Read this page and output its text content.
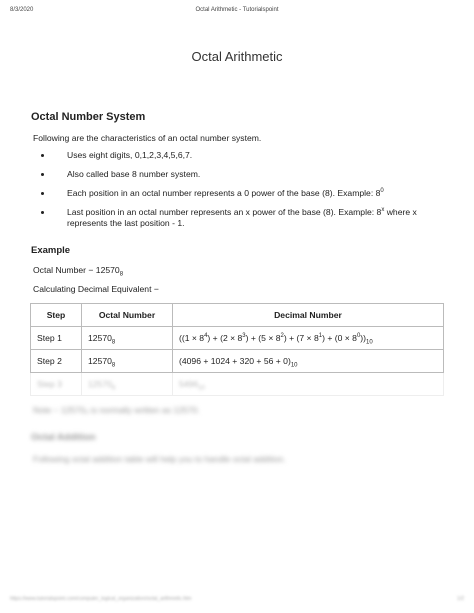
8/3/2020	Octal Arithmetic - Tutorialspoint
Octal Arithmetic
Octal Number System
Following are the characteristics of an octal number system.
Uses eight digits, 0,1,2,3,4,5,6,7.
Also called base 8 number system.
Each position in an octal number represents a 0 power of the base (8). Example: $8^0$
Last position in an octal number represents an x power of the base (8). Example: 8$^x$ where x represents the last position - 1.
Example
Octal Number − $12570_8$
Calculating Decimal Equivalent −
Step	Octal Number	Decimal Number
Step 1	$12570_8$	$((1 \times 8^4) + (2 \times 8^3) + (5 \times 8^2) + (7 \times 8^1) + (0 \times 8^0))_{10}$
Step 2	$12570_8$	$(4096 + 1024 + 320 + 56 + 0)_{10}$
Step 3	$12570_8$	$5496_{10}$
Note − 12570₈ is normally written as 12570.
Octal Addition
Following octal addition table will help you to handle octal addition.
https://www.tutorialspoint.com/computer_logical_organization/octal_arithmetic.htm	1/2
